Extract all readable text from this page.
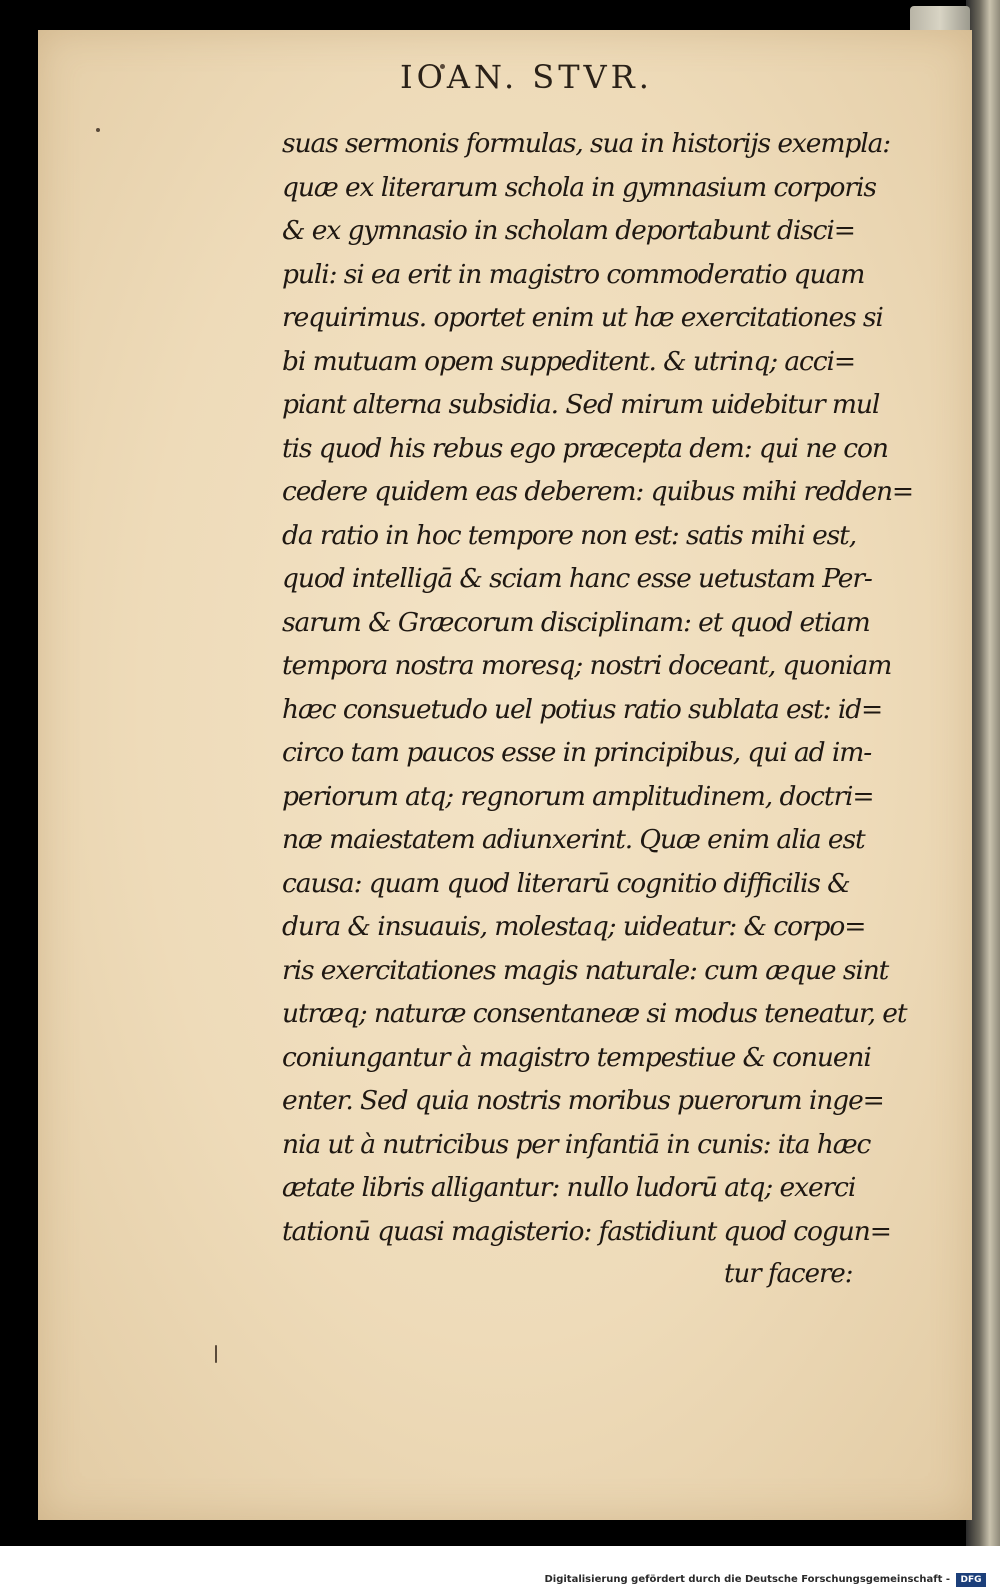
IOAN. STVR.
suas sermonis formulas, sua in historijs exempla:
quæ ex literarum schola in gymnasium corporis
& ex gymnasio in scholam deportabunt disci=
puli: si ea erit in magistro commoderatio quam
requirimus. oportet enim ut hæ exercitationes si
bi mutuam opem suppeditent. & utrinq; acci=
piant alterna subsidia. Sed mirum uidebitur mul
tis quod his rebus ego præcepta dem: qui ne con
cedere quidem eas deberem: quibus mihi redden=
da ratio in hoc tempore non est: satis mihi est,
quod intelligā & sciam hanc esse uetustam Per-
sarum & Græcorum disciplinam: et quod etiam
tempora nostra moresq; nostri doceant, quoniam
hæc consuetudo uel potius ratio sublata est: id=
circo tam paucos esse in principibus, qui ad im-
periorum atq; regnorum amplitudinem, doctri=
næ maiestatem adiunxerint. Quæ enim alia est
causa: quam quod literarū cognitio difficilis &
dura & insuauis, molestaq; uideatur: & corpo=
ris exercitationes magis naturale: cum æque sint
utræq; naturæ consentaneæ si modus teneatur, et
coniungantur à magistro tempestiue & conueni
enter. Sed quia nostris moribus puerorum inge=
nia ut à nutricibus per infantiā in cunis: ita hæc
ætate libris alligantur: nullo ludorū atq; exerci
tationū quasi magisterio: fastidiunt quod cogun=
tur facere:
Digitalisierung gefördert durch die Deutsche Forschungsgemeinschaft -	DFG
